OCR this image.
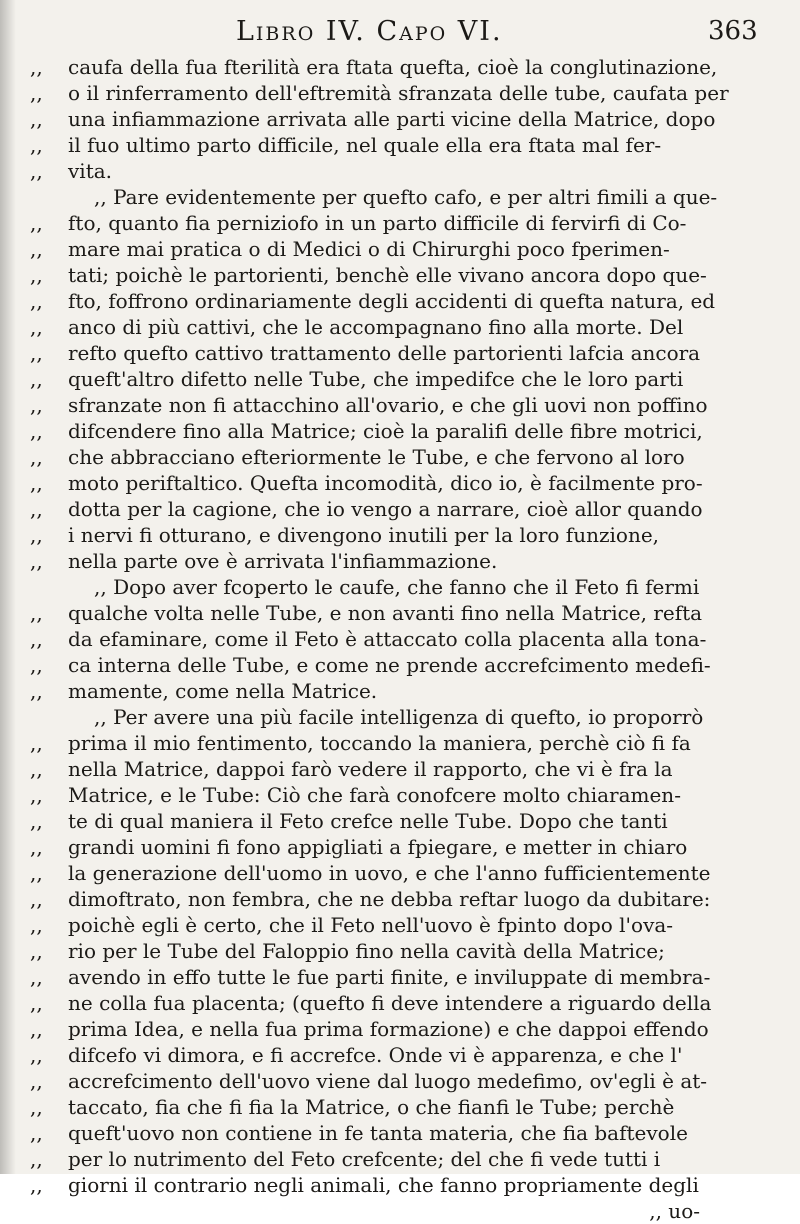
Libro IV. Capo VI.	363
,,	caufa della fua fterilità era ftata quefta, cioè la conglutinazione,
,,	o il rinferramento dell'eftremità sfranzata delle tube, caufata per
,,	una infiammazione arrivata alle parti vicine della Matrice, dopo
,,	il fuo ultimo parto difficile, nel quale ella era ftata mal fer-
,,	vita.
,, Pare evidentemente per quefto cafo, e per altri fimili a que-
,,	fto, quanto fia perniziofo in un parto difficile di fervirfi di Co-
,,	mare mai pratica o di Medici o di Chirurghi poco fperimen-
,,	tati; poichè le partorienti, benchè elle vivano ancora dopo que-
,,	fto, foffrono ordinariamente degli accidenti di quefta natura, ed
,,	anco di più cattivi, che le accompagnano fino alla morte. Del
,,	refto quefto cattivo trattamento delle partorienti lafcia ancora
,,	queft'altro difetto nelle Tube, che impedifce che le loro parti
,,	sfranzate non fi attacchino all'ovario, e che gli uovi non poffino
,,	difcendere fino alla Matrice; cioè la paralifi delle fibre motrici,
,,	che abbracciano efteriormente le Tube, e che fervono al loro
,,	moto periftaltico. Quefta incomodità, dico io, è facilmente pro-
,,	dotta per la cagione, che io vengo a narrare, cioè allor quando
,,	i nervi fi otturano, e divengono inutili per la loro funzione,
,,	nella parte ove è arrivata l'infiammazione.
,, Dopo aver fcoperto le caufe, che fanno che il Feto fi fermi
,,	qualche volta nelle Tube, e non avanti fino nella Matrice, refta
,,	da efaminare, come il Feto è attaccato colla placenta alla tona-
,,	ca interna delle Tube, e come ne prende accrefcimento medefi-
,,	mamente, come nella Matrice.
,, Per avere una più facile intelligenza di quefto, io proporrò
,,	prima il mio fentimento, toccando la maniera, perchè ciò fi fa
,,	nella Matrice, dappoi farò vedere il rapporto, che vi è fra la
,,	Matrice, e le Tube: Ciò che farà conofcere molto chiaramen-
,,	te di qual maniera il Feto crefce nelle Tube. Dopo che tanti
,,	grandi uomini fi fono appigliati a fpiegare, e metter in chiaro
,,	la generazione dell'uomo in uovo, e che l'anno fufficientemente
,,	dimoftrato, non fembra, che ne debba reftar luogo da dubitare:
,,	poichè egli è certo, che il Feto nell'uovo è fpinto dopo l'ova-
,,	rio per le Tube del Faloppio fino nella cavità della Matrice;
,,	avendo in effo tutte le fue parti finite, e inviluppate di membra-
,,	ne colla fua placenta; (quefto fi deve intendere a riguardo della
,,	prima Idea, e nella fua prima formazione) e che dappoi effendo
,,	difcefo vi dimora, e fi accrefce. Onde vi è apparenza, e che l'
,,	accrefcimento dell'uovo viene dal luogo medefimo, ov'egli è at-
,,	taccato, fia che fi fia la Matrice, o che fianfi le Tube; perchè
,,	queft'uovo non contiene in fe tanta materia, che fia baftevole
,,	per lo nutrimento del Feto crefcente; del che fi vede tutti i
,,	giorni il contrario negli animali, che fanno propriamente degli
,, uo-
